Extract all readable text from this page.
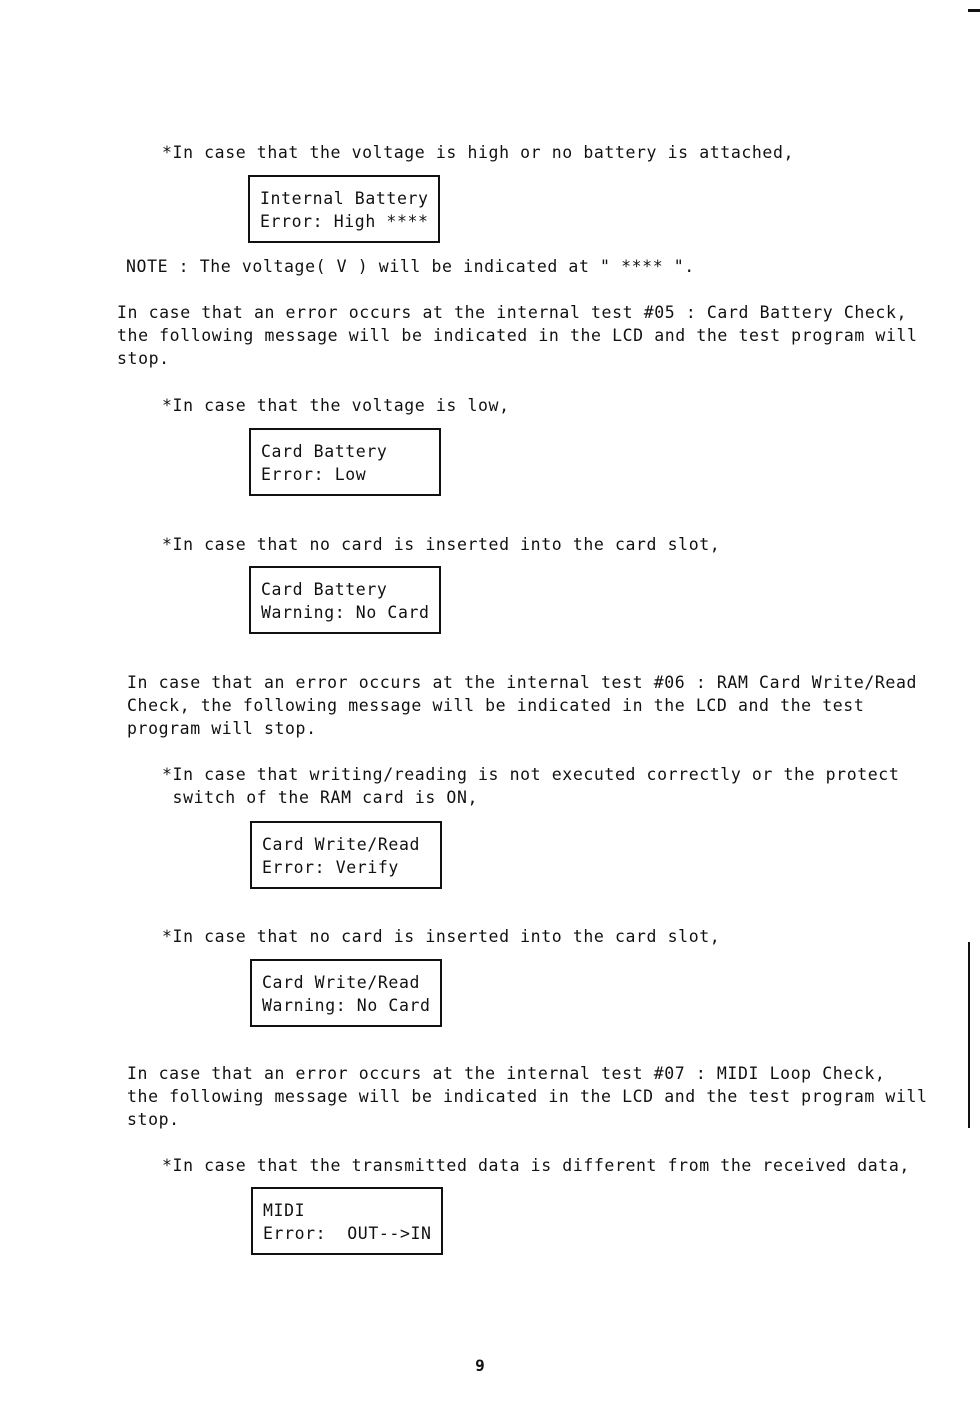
*In case that the voltage is high or no battery is attached,
Internal Battery
Error: High ****
NOTE : The voltage( V ) will be indicated at " **** ".
In case that an error occurs at the internal test #05 : Card Battery Check,
the following message will be indicated in the LCD and the test program will
stop.
*In case that the voltage is low,
Card Battery
Error: Low
*In case that no card is inserted into the card slot,
Card Battery
Warning: No Card
In case that an error occurs at the internal test #06 : RAM Card Write/Read
Check, the following message will be indicated in the LCD and the test
program will stop.
*In case that writing/reading is not executed correctly or the protect
switch of the RAM card is ON,
Card Write/Read
Error: Verify
*In case that no card is inserted into the card slot,
Card Write/Read
Warning: No Card
In case that an error occurs at the internal test #07 : MIDI Loop Check,
the following message will be indicated in the LCD and the test program will
stop.
*In case that the transmitted data is different from the received data,
MIDI
Error:  OUT-->IN
9
